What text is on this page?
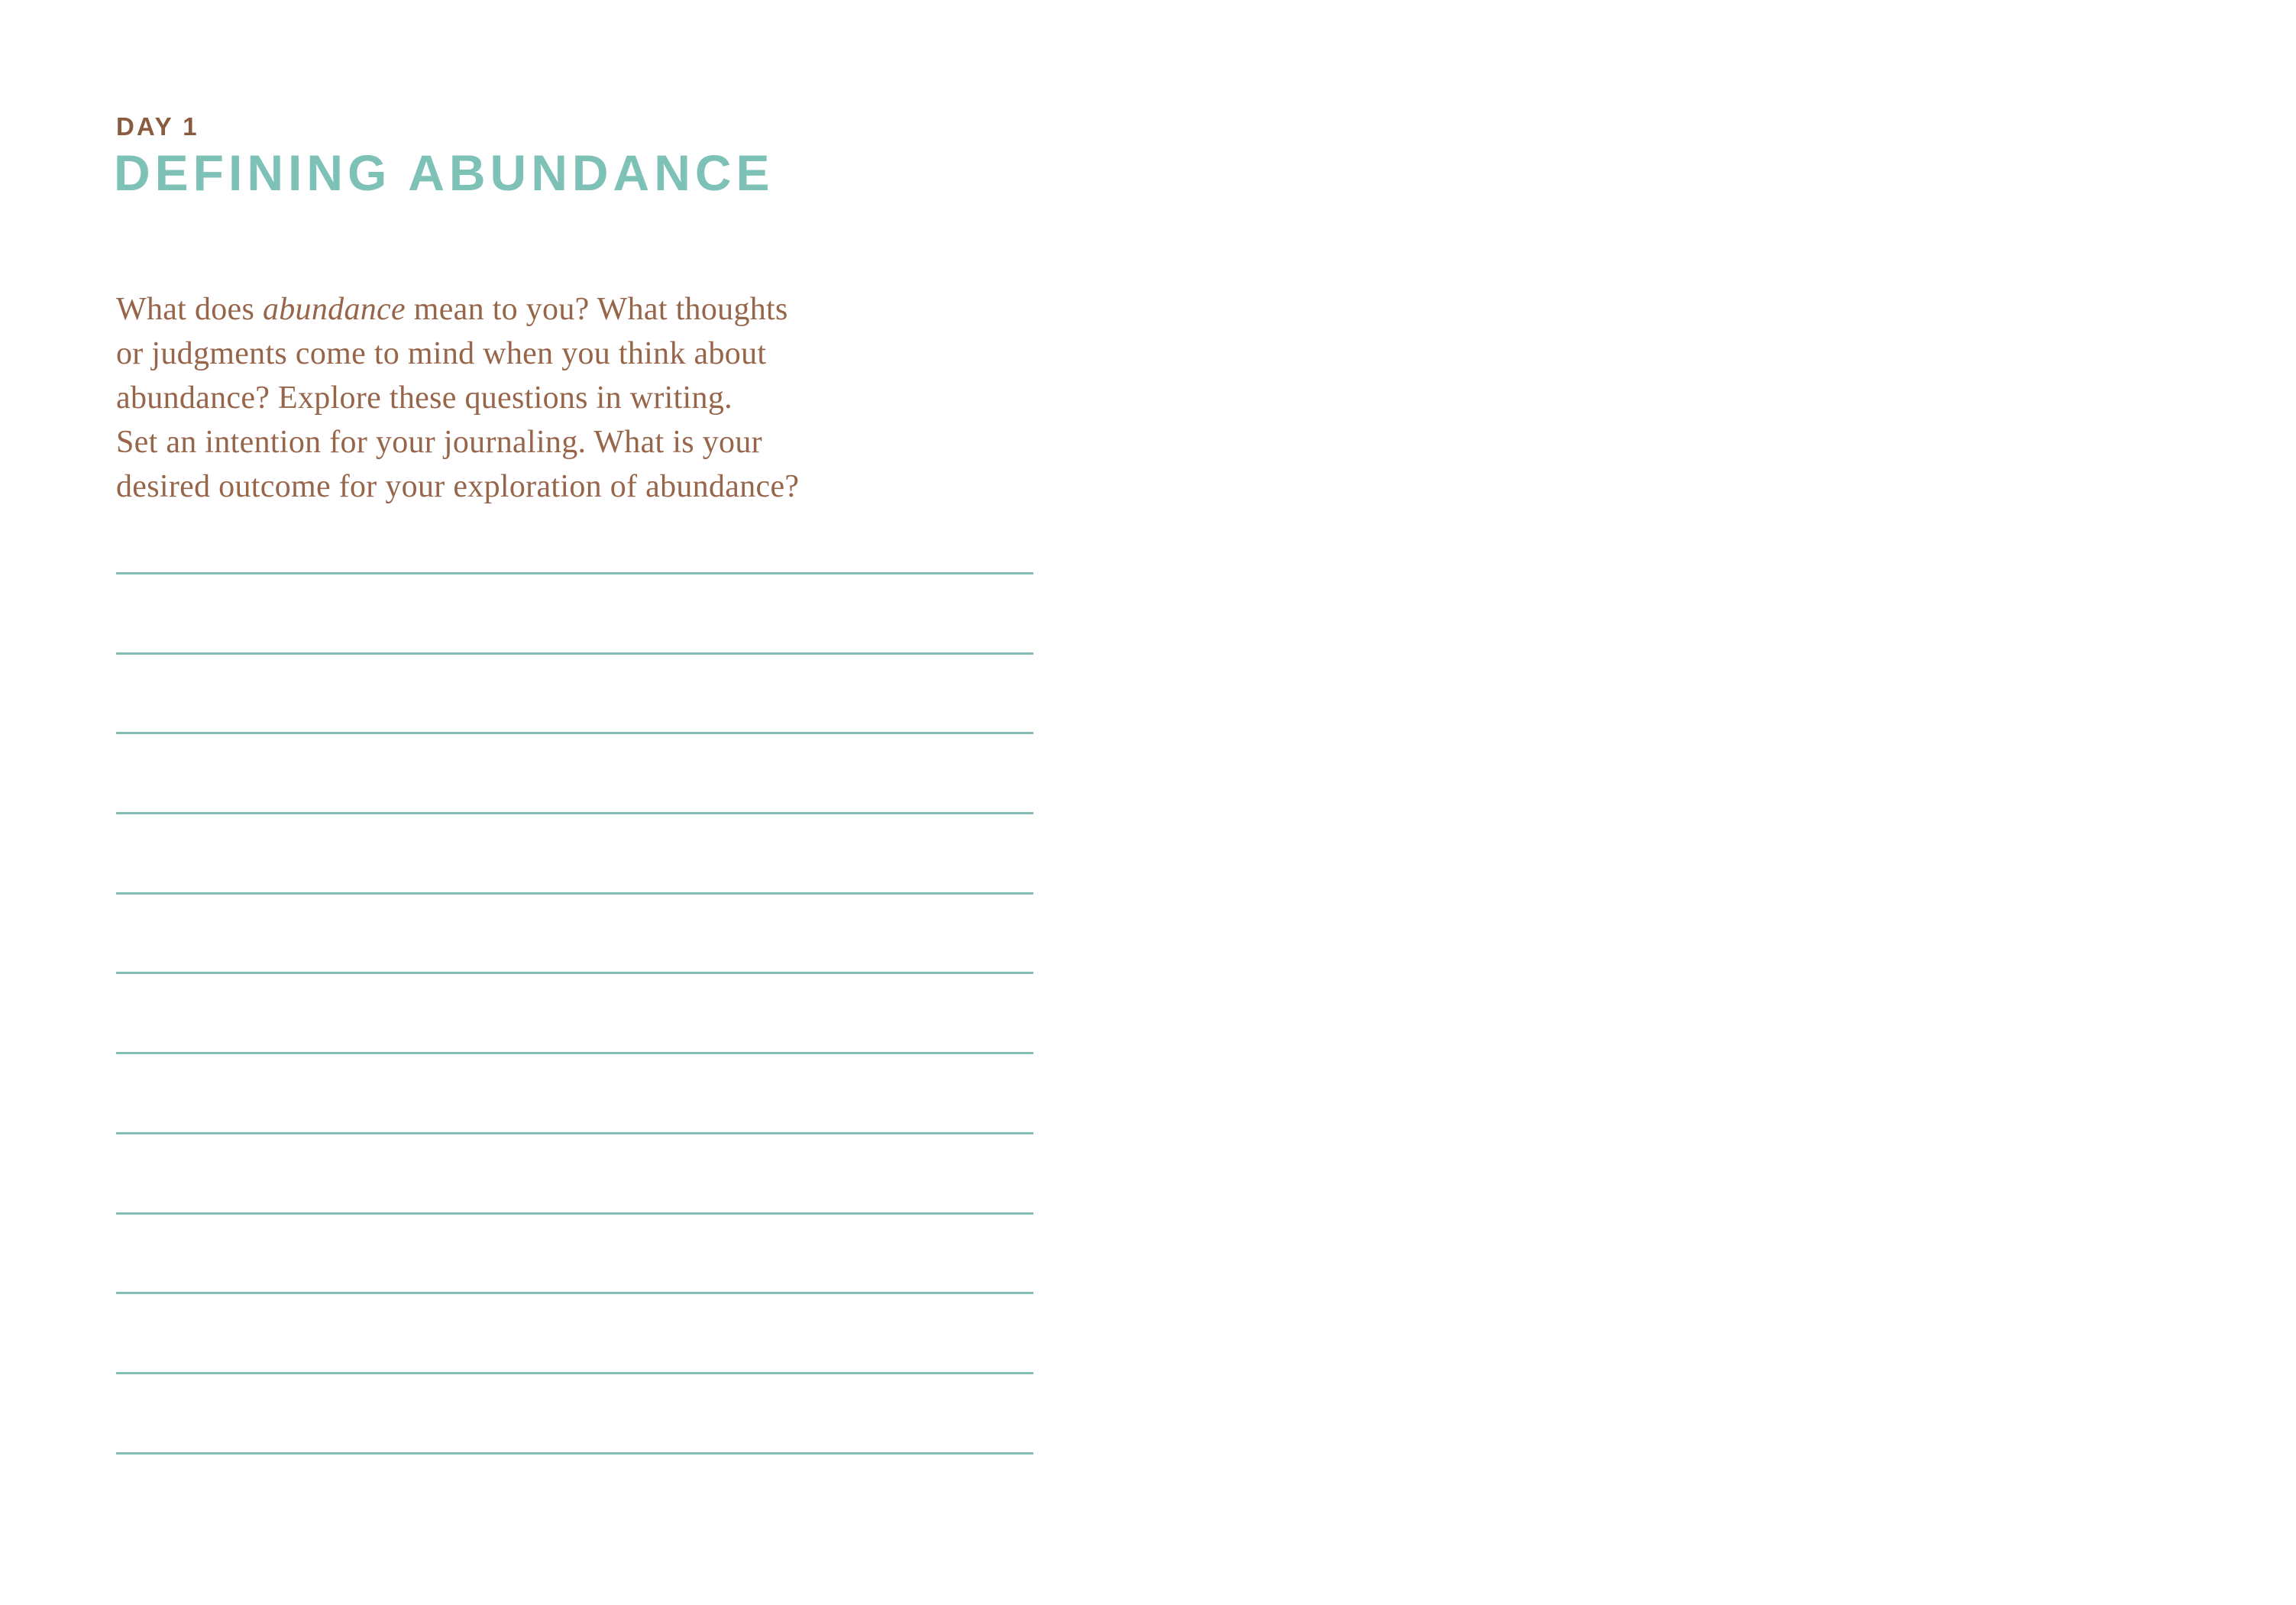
DAY 1
DEFINING ABUNDANCE
What does abundance mean to you? What thoughts
or judgments come to mind when you think about
abundance? Explore these questions in writing.
Set an intention for your journaling. What is your
desired outcome for your exploration of abundance?
